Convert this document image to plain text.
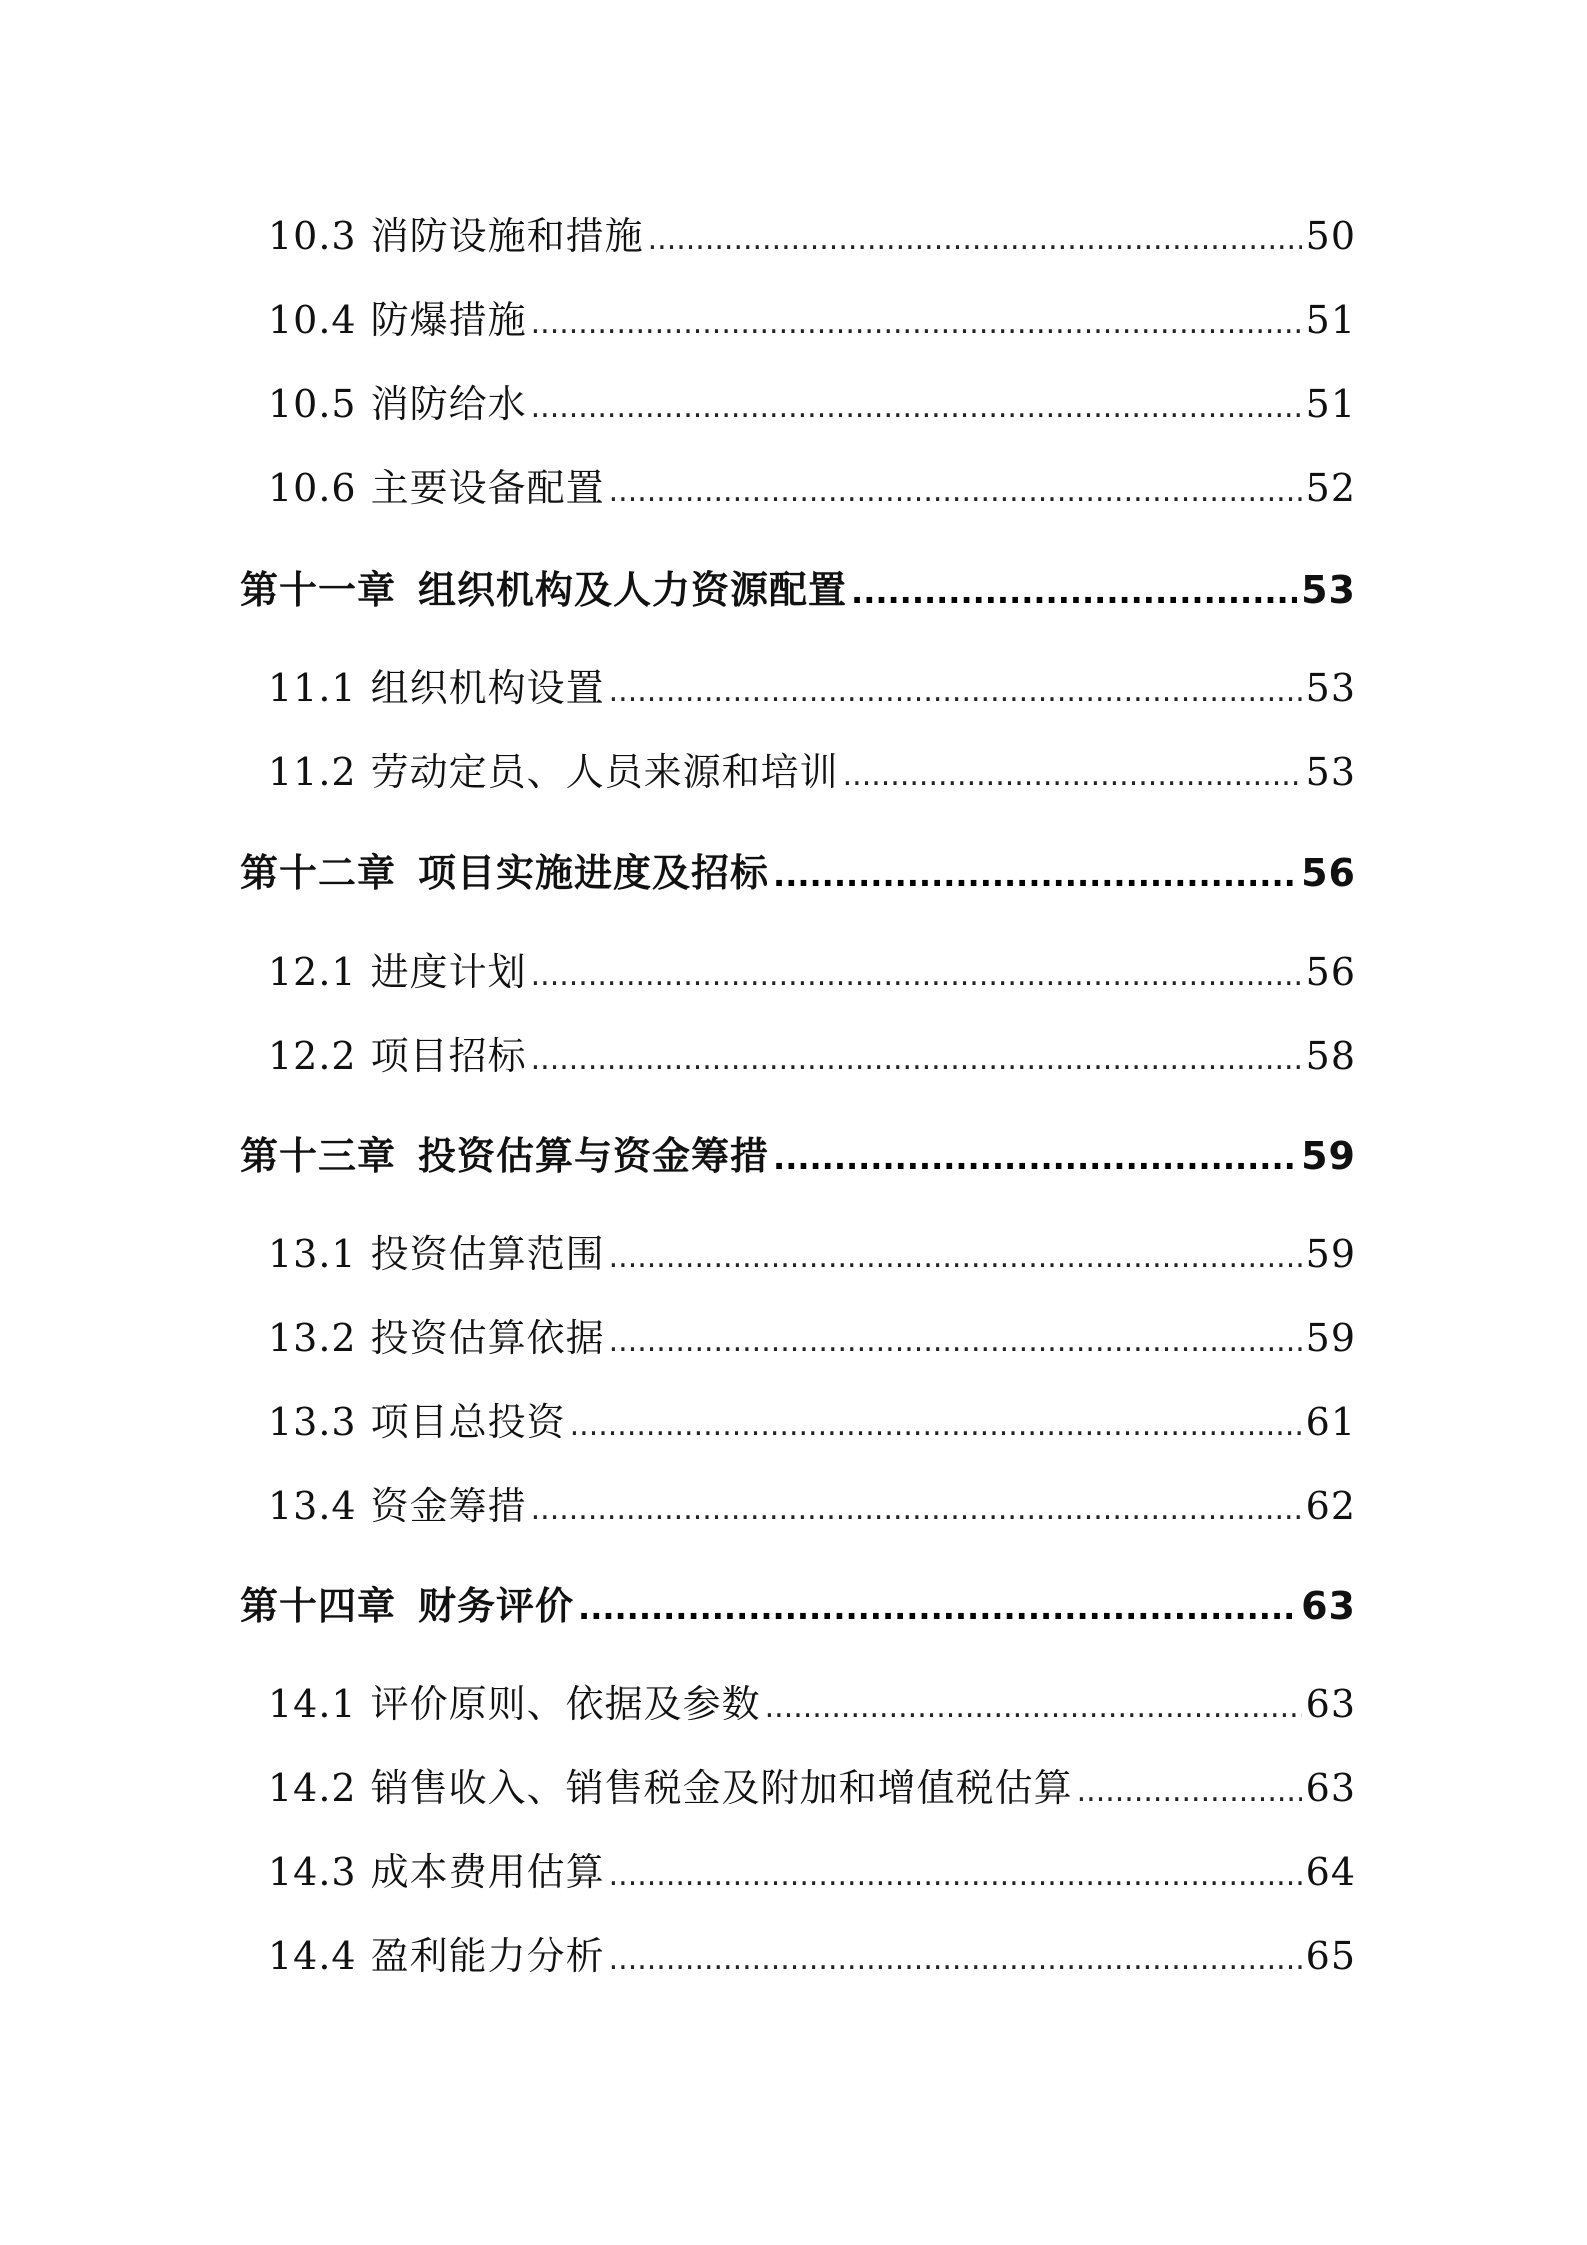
10.3 消防设施和措施 .....	50
10.4 防爆措施 .....	51
10.5 消防给水 .....	51
10.6 主要设备配置 .....	52
第十一章 组织机构及人力资源配置 .....	53
11.1 组织机构设置 .....	53
11.2 劳动定员、人员来源和培训 .....	53
第十二章 项目实施进度及招标 .....	56
12.1 进度计划 .....	56
12.2 项目招标 .....	58
第十三章 投资估算与资金筹措 .....	59
13.1 投资估算范围 .....	59
13.2 投资估算依据 .....	59
13.3 项目总投资 .....	61
13.4 资金筹措 .....	62
第十四章 财务评价 .....	63
14.1 评价原则、依据及参数 .....	63
14.2 销售收入、销售税金及附加和增值税估算 .....	63
14.3 成本费用估算 .....	64
14.4 盈利能力分析 .....	65
